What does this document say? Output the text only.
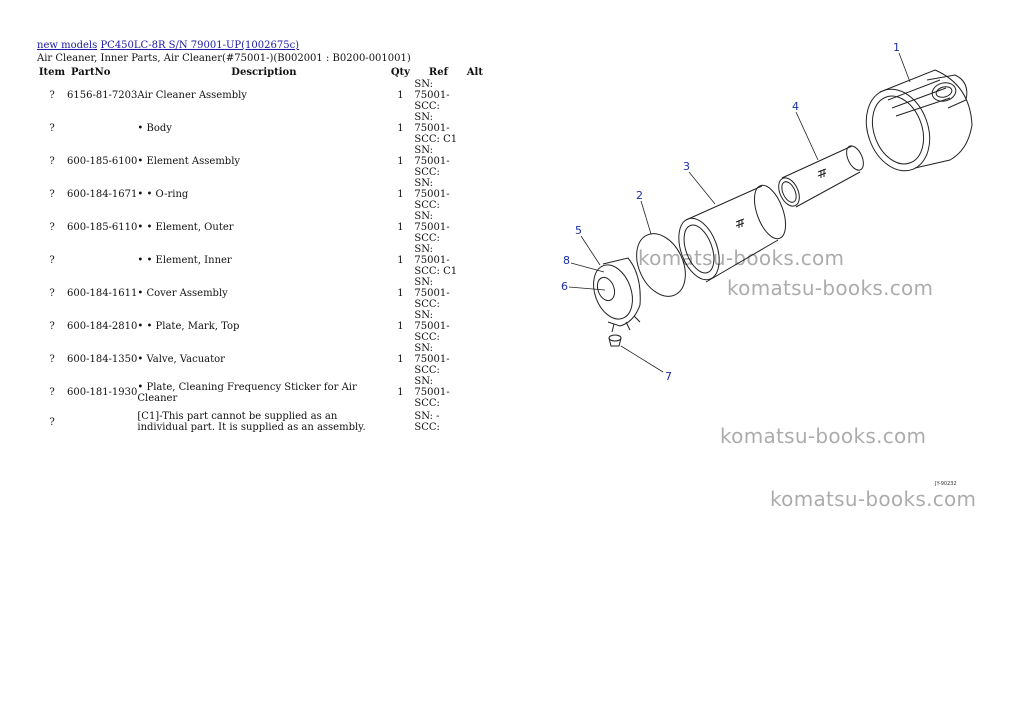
new models PC450LC-8R S/N 79001-UP(1002675c)
Air Cleaner, Inner Parts, Air Cleaner(#75001-)(B002001 : B0200-001001)
Item	PartNo	Description	Qty	Ref	Alt
?	6156-81-7203	Air Cleaner Assembly	1	SN: 75001-SCC:	
?		• Body	1	SN: 75001-SCC: C1	
?	600-185-6100	• Element Assembly	1	SN: 75001-SCC:	
?	600-184-1671	• • O-ring	1	SN: 75001-SCC:	
?	600-185-6110	• • Element, Outer	1	SN: 75001-SCC:	
?		• • Element, Inner	1	SN: 75001-SCC: C1	
?	600-184-1611	• Cover Assembly	1	SN: 75001-SCC:	
?	600-184-2810	• • Plate, Mark, Top	1	SN: 75001-SCC:	
?	600-184-1350	• Valve, Vacuator	1	SN: 75001-SCC:	
?	600-181-1930	• Plate, Cleaning Frequency Sticker for Air Cleaner	1	SN: 75001-SCC:	
?		[C1]-This part cannot be supplied as an individual part. It is supplied as an assembly.		SN: -SCC:	
1
2
3
4
5
6
7
8
JY-90232
komatsu-books.com
komatsu-books.com
komatsu-books.com
komatsu-books.com
